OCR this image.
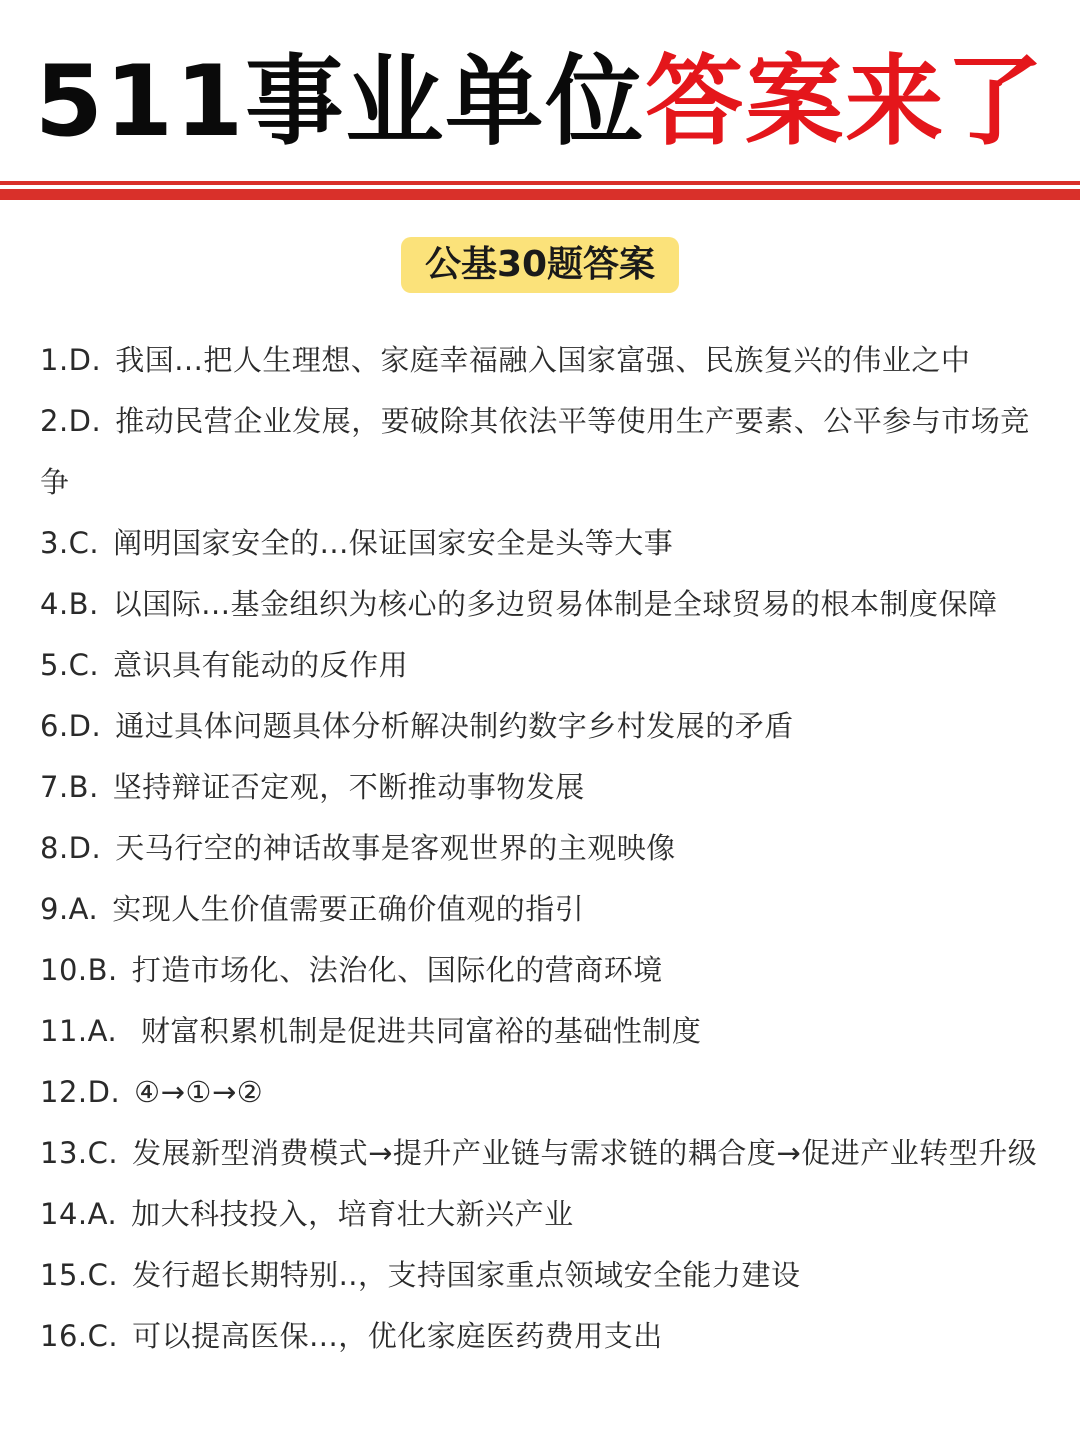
511事业单位答案来了
公基30题答案
1.D. 我国...把人生理想、家庭幸福融入国家富强、民族复兴的伟业之中
2.D. 推动民营企业发展，要破除其依法平等使用生产要素、公平参与市场竞争
3.C. 阐明国家安全的...保证国家安全是头等大事
4.B. 以国际...基金组织为核心的多边贸易体制是全球贸易的根本制度保障
5.C. 意识具有能动的反作用
6.D. 通过具体问题具体分析解决制约数字乡村发展的矛盾
7.B. 坚持辩证否定观，不断推动事物发展
8.D. 天马行空的神话故事是客观世界的主观映像
9.A. 实现人生价值需要正确价值观的指引
10.B. 打造市场化、法治化、国际化的营商环境
11.A. 财富积累机制是促进共同富裕的基础性制度
12.D. ④→①→②
13.C. 发展新型消费模式→提升产业链与需求链的耦合度→促进产业转型升级
14.A. 加大科技投入，培育壮大新兴产业
15.C. 发行超长期特别..，支持国家重点领域安全能力建设
16.C. 可以提高医保...，优化家庭医药费用支出
